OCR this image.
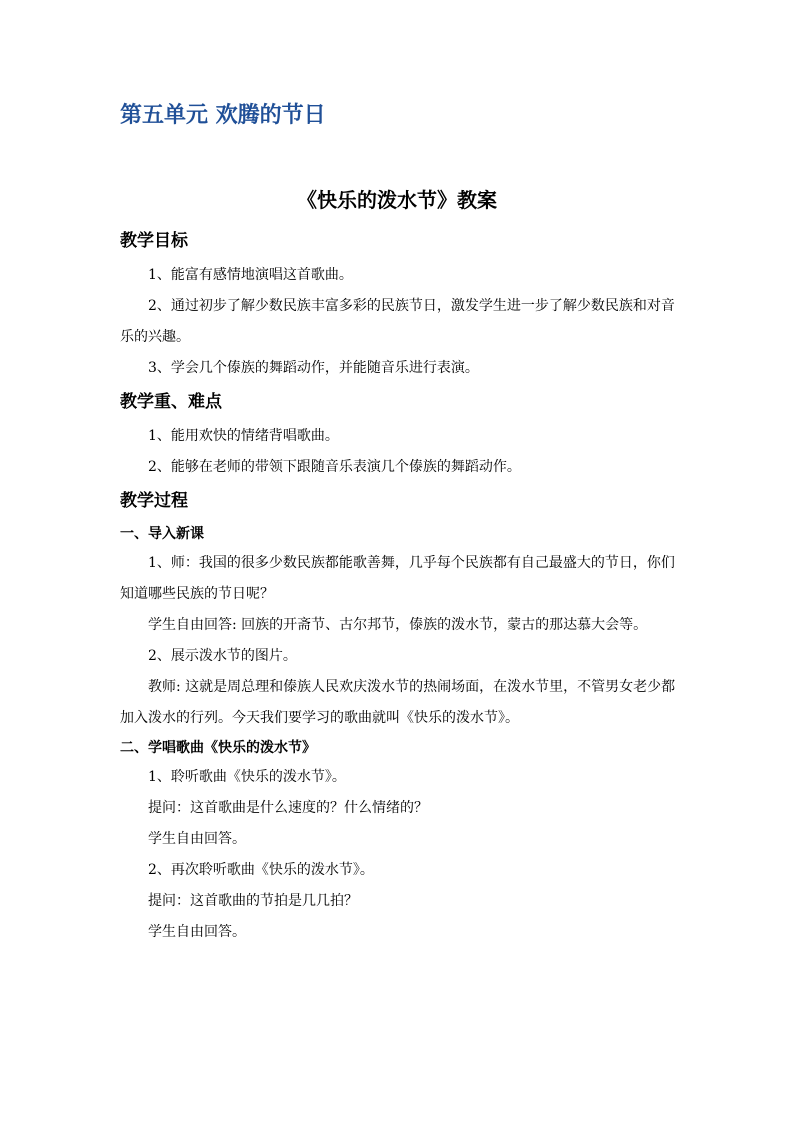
第五单元 欢腾的节日
《快乐的泼水节》教案
教学目标

1、能富有感情地演唱这首歌曲。

2、通过初步了解少数民族丰富多彩的民族节日，激发学生进一步了解少数民族和对音乐的兴趣。

3、学会几个傣族的舞蹈动作，并能随音乐进行表演。

教学重、难点

1、能用欢快的情绪背唱歌曲。

2、能够在老师的带领下跟随音乐表演几个傣族的舞蹈动作。

教学过程
一、导入新课

1、师：我国的很多少数民族都能歌善舞，几乎每个民族都有自己最盛大的节日，你们知道哪些民族的节日呢？

学生自由回答: 回族的开斋节、古尔邦节，傣族的泼水节，蒙古的那达慕大会等。

2、展示泼水节的图片。

教师: 这就是周总理和傣族人民欢庆泼水节的热闹场面，在泼水节里，不管男女老少都加入泼水的行列。今天我们要学习的歌曲就叫《快乐的泼水节》。

二、学唱歌曲《快乐的泼水节》

1、聆听歌曲《快乐的泼水节》。

提问：这首歌曲是什么速度的？什么情绪的？

学生自由回答。

2、再次聆听歌曲《快乐的泼水节》。

提问：这首歌曲的节拍是几几拍？

学生自由回答。
